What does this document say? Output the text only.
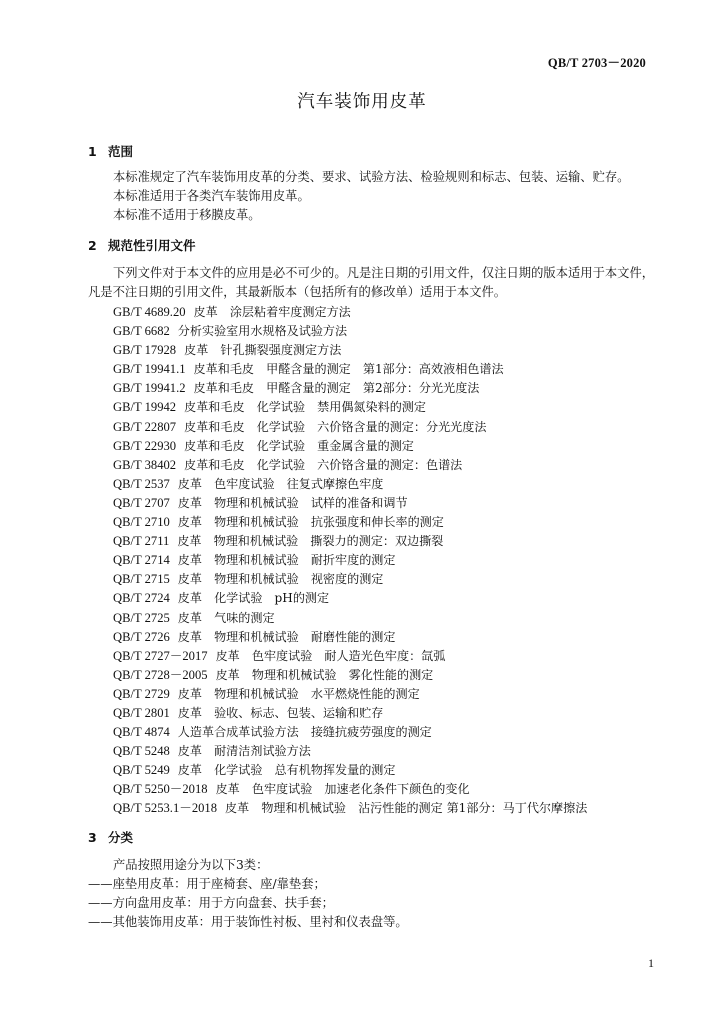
QB/T 2703－2020
汽车装饰用皮革
1 范围
本标准规定了汽车装饰用皮革的分类、要求、试验方法、检验规则和标志、包装、运输、贮存。
本标准适用于各类汽车装饰用皮革。
本标准不适用于移膜皮革。
2 规范性引用文件
下列文件对于本文件的应用是必不可少的。凡是注日期的引用文件，仅注日期的版本适用于本文件，
凡是不注日期的引用文件，其最新版本（包括所有的修改单）适用于本文件。
GB/T 4689.20 皮革　涂层粘着牢度测定方法
GB/T 6682 分析实验室用水规格及试验方法
GB/T 17928 皮革　针孔撕裂强度测定方法
GB/T 19941.1 皮革和毛皮　甲醛含量的测定　第1部分：高效液相色谱法
GB/T 19941.2 皮革和毛皮　甲醛含量的测定　第2部分：分光光度法
GB/T 19942 皮革和毛皮　化学试验　禁用偶氮染料的测定
GB/T 22807 皮革和毛皮　化学试验　六价铬含量的测定：分光光度法
GB/T 22930 皮革和毛皮　化学试验　重金属含量的测定
GB/T 38402 皮革和毛皮　化学试验　六价铬含量的测定：色谱法
QB/T 2537 皮革　色牢度试验　往复式摩擦色牢度
QB/T 2707 皮革　物理和机械试验　试样的准备和调节
QB/T 2710 皮革　物理和机械试验　抗张强度和伸长率的测定
QB/T 2711 皮革　物理和机械试验　撕裂力的测定：双边撕裂
QB/T 2714 皮革　物理和机械试验　耐折牢度的测定
QB/T 2715 皮革　物理和机械试验　视密度的测定
QB/T 2724 皮革　化学试验　pH的测定
QB/T 2725 皮革　气味的测定
QB/T 2726 皮革　物理和机械试验　耐磨性能的测定
QB/T 2727－2017 皮革　色牢度试验　耐人造光色牢度：氙弧
QB/T 2728－2005 皮革　物理和机械试验　雾化性能的测定
QB/T 2729 皮革　物理和机械试验　水平燃烧性能的测定
QB/T 2801 皮革　验收、标志、包装、运输和贮存
QB/T 4874 人造革合成革试验方法　接缝抗疲劳强度的测定
QB/T 5248 皮革　耐清洁剂试验方法
QB/T 5249 皮革　化学试验　总有机物挥发量的测定
QB/T 5250－2018 皮革　色牢度试验　加速老化条件下颜色的变化
QB/T 5253.1－2018 皮革　物理和机械试验　沾污性能的测定 第1部分：马丁代尔摩擦法
3 分类
产品按照用途分为以下3类：
——座垫用皮革：用于座椅套、座/靠垫套；
——方向盘用皮革：用于方向盘套、扶手套；
——其他装饰用皮革：用于装饰性衬板、里衬和仪表盘等。
1
